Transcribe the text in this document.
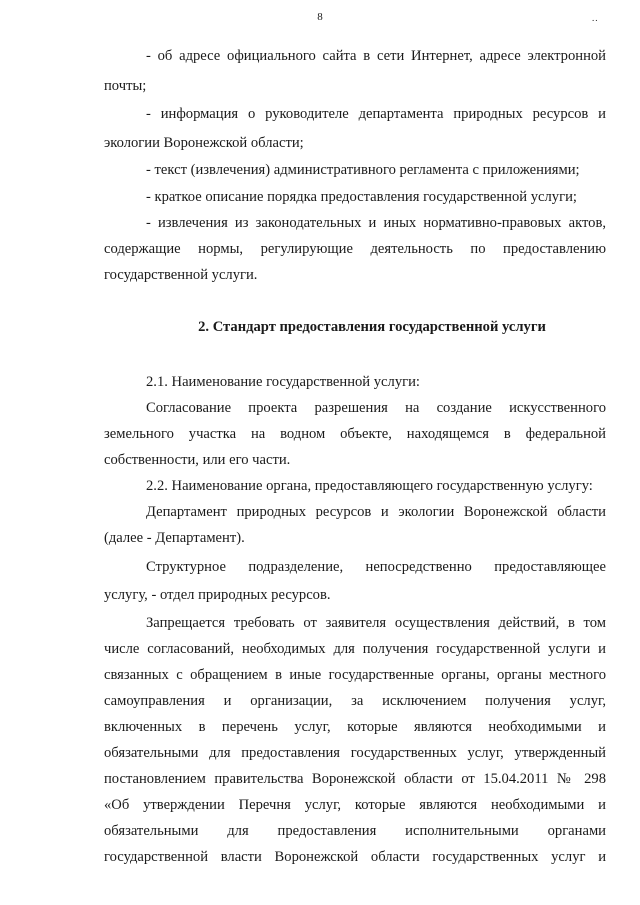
8	..
- об адресе официального сайта в сети Интернет, адресе электронной
почты;
- информация о руководителе департамента природных ресурсов и
экологии Воронежской области;
- текст (извлечения) административного регламента с приложениями;
- краткое описание порядка предоставления государственной услуги;
- извлечения из законодательных и иных нормативно-правовых актов,
содержащие нормы, регулирующие деятельность по предоставлению
государственной услуги.
2. Стандарт предоставления государственной услуги
2.1. Наименование государственной услуги:
Согласование проекта разрешения на создание искусственного
земельного участка на водном объекте, находящемся в федеральной
собственности, или его части.
2.2. Наименование органа, предоставляющего государственную услугу:
Департамент природных ресурсов и экологии Воронежской области
(далее - Департамент).
Структурное подразделение, непосредственно предоставляющее
услугу, - отдел природных ресурсов.
Запрещается требовать от заявителя осуществления действий, в том
числе согласований, необходимых для получения государственной услуги и
связанных с обращением в иные государственные органы, органы местного
самоуправления и организации, за исключением получения услуг,
включенных в перечень услуг, которые являются необходимыми и
обязательными для предоставления государственных услуг, утвержденный
постановлением правительства Воронежской области от 15.04.2011 № 298
«Об утверждении Перечня услуг, которые являются необходимыми и
обязательными для предоставления исполнительными органами
государственной власти Воронежской области государственных услуг и
